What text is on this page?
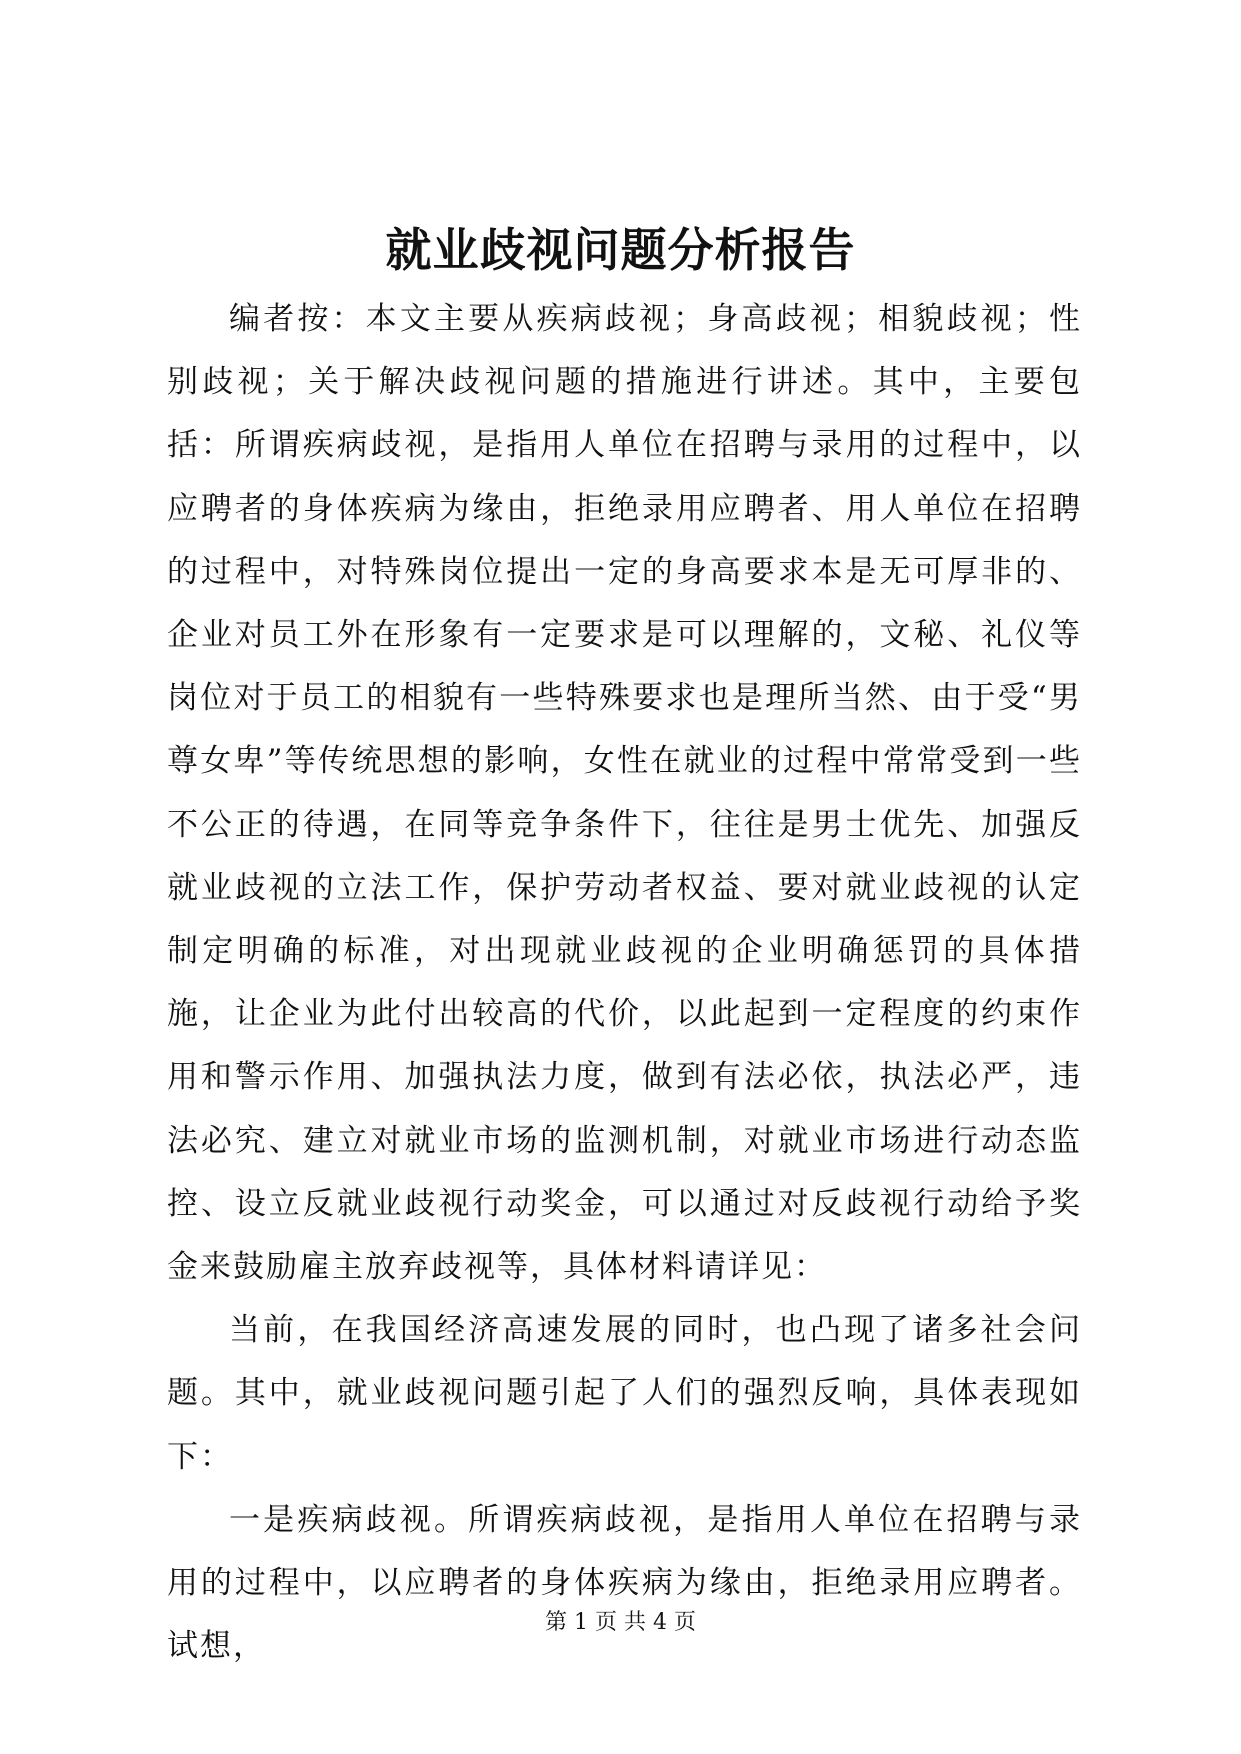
就业歧视问题分析报告

编者按：本文主要从疾病歧视；身高歧视；相貌歧视；性别歧视；关于解决歧视问题的措施进行讲述。其中，主要包括：所谓疾病歧视，是指用人单位在招聘与录用的过程中，以应聘者的身体疾病为缘由，拒绝录用应聘者、用人单位在招聘的过程中，对特殊岗位提出一定的身高要求本是无可厚非的、企业对员工外在形象有一定要求是可以理解的，文秘、礼仪等岗位对于员工的相貌有一些特殊要求也是理所当然、由于受“男尊女卑”等传统思想的影响，女性在就业的过程中常常受到一些不公正的待遇，在同等竞争条件下，往往是男士优先、加强反就业歧视的立法工作，保护劳动者权益、要对就业歧视的认定制定明确的标准，对出现就业歧视的企业明确惩罚的具体措施，让企业为此付出较高的代价，以此起到一定程度的约束作用和警示作用、加强执法力度，做到有法必依，执法必严，违法必究、建立对就业市场的监测机制，对就业市场进行动态监控、设立反就业歧视行动奖金，可以通过对反歧视行动给予奖金来鼓励雇主放弃歧视等，具体材料请详见：

当前，在我国经济高速发展的同时，也凸现了诸多社会问题。其中，就业歧视问题引起了人们的强烈反响，具体表现如下：

一是疾病歧视。所谓疾病歧视，是指用人单位在招聘与录用的过程中，以应聘者的身体疾病为缘由，拒绝录用应聘者。试想，

第 1 页 共 4 页
